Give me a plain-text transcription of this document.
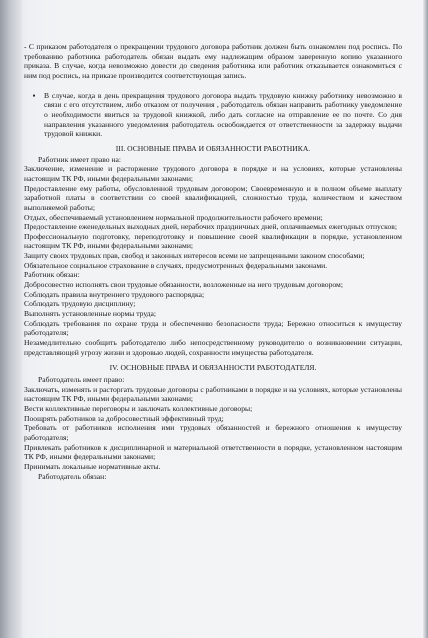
- С приказом работодателя о прекращении трудового договора работник должен быть ознакомлен под роспись. По требованию работника работодатель обязан выдать ему надлежащим образом заверенную копию указанного приказа. В случае, когда невозможно довести до сведения работника или работник отказывается ознакомиться с ним под роспись, на приказе производится соответствующая запись.

▪	В случае, когда в день прекращения трудового договора выдать трудовую книжку работнику невозможно в связи с его отсутствием, либо отказом от получения , работодатель обязан направить работнику уведомление о необходимости явиться за трудовой книжкой, либо дать согласие на отправление ее по почте. Со дня направления указанного уведомления работодатель освобождается от ответственности за задержку выдачи трудовой книжки.

III. ОСНОВНЫЕ ПРАВА И ОБЯЗАННОСТИ РАБОТНИКА.

Работник имеет право на:

Заключение, изменение и расторжение трудового договора в порядке и на условиях, которые установлены настоящим ТК РФ, иными федеральными законами;

Предоставление ему работы, обусловленной трудовым договором; Своевременную и в полном объеме выплату заработной платы в соответствии со своей квалификацией, сложностью труда, количеством и качеством выполняемой работы;

Отдых, обеспечиваемый установлением нормальной продолжительности рабочего времени;

Предоставление еженедельных выходных дней, нерабочих праздничных дней, оплачиваемых ежегодных отпусков;

Профессиональную подготовку, переподготовку и повышение своей квалификации в порядке, установленном настоящим ТК РФ, иными федеральными законами;

Защиту своих трудовых прав, свобод и законных интересов всеми не запрещенными законом способами;

Обязательное социальное страхование в случаях, предусмотренных федеральными законами.

Работник обязан:

Добросовестно исполнять свои трудовые обязанности, возложенные на него трудовым договором;

Соблюдать правила внутреннего трудового распорядка;

Соблюдать трудовую дисциплину;

Выполнять установленные нормы труда;

Соблюдать требования по охране труда и обеспечению безопасности труда; Бережно относиться к имуществу работодателя;

Незамедлительно сообщить работодателю либо непосредственному руководителю о возникновении ситуации, представляющей угрозу жизни и здоровью людей, сохранности имущества работодателя.

IV. ОСНОВНЫЕ ПРАВА И ОБЯЗАННОСТИ РАБОТОДАТЕЛЯ.

Работодатель имеет право:

Заключать, изменять и расторгать трудовые договоры с работниками в порядке и на условиях, которые установлены настоящим ТК РФ, иными федеральными законами;

Вести коллективные переговоры и заключать коллективные договоры;

Поощрять работников за добросовестный эффективный труд;

Требовать от работников исполнения ими трудовых обязанностей и бережного отношения к имуществу работодателя;

Привлекать работников к дисциплинарной и материальной ответственности в порядке, установленном настоящим ТК РФ, иными федеральными законами;

Принимать локальные нормативные акты.

Работодатель обязан:
